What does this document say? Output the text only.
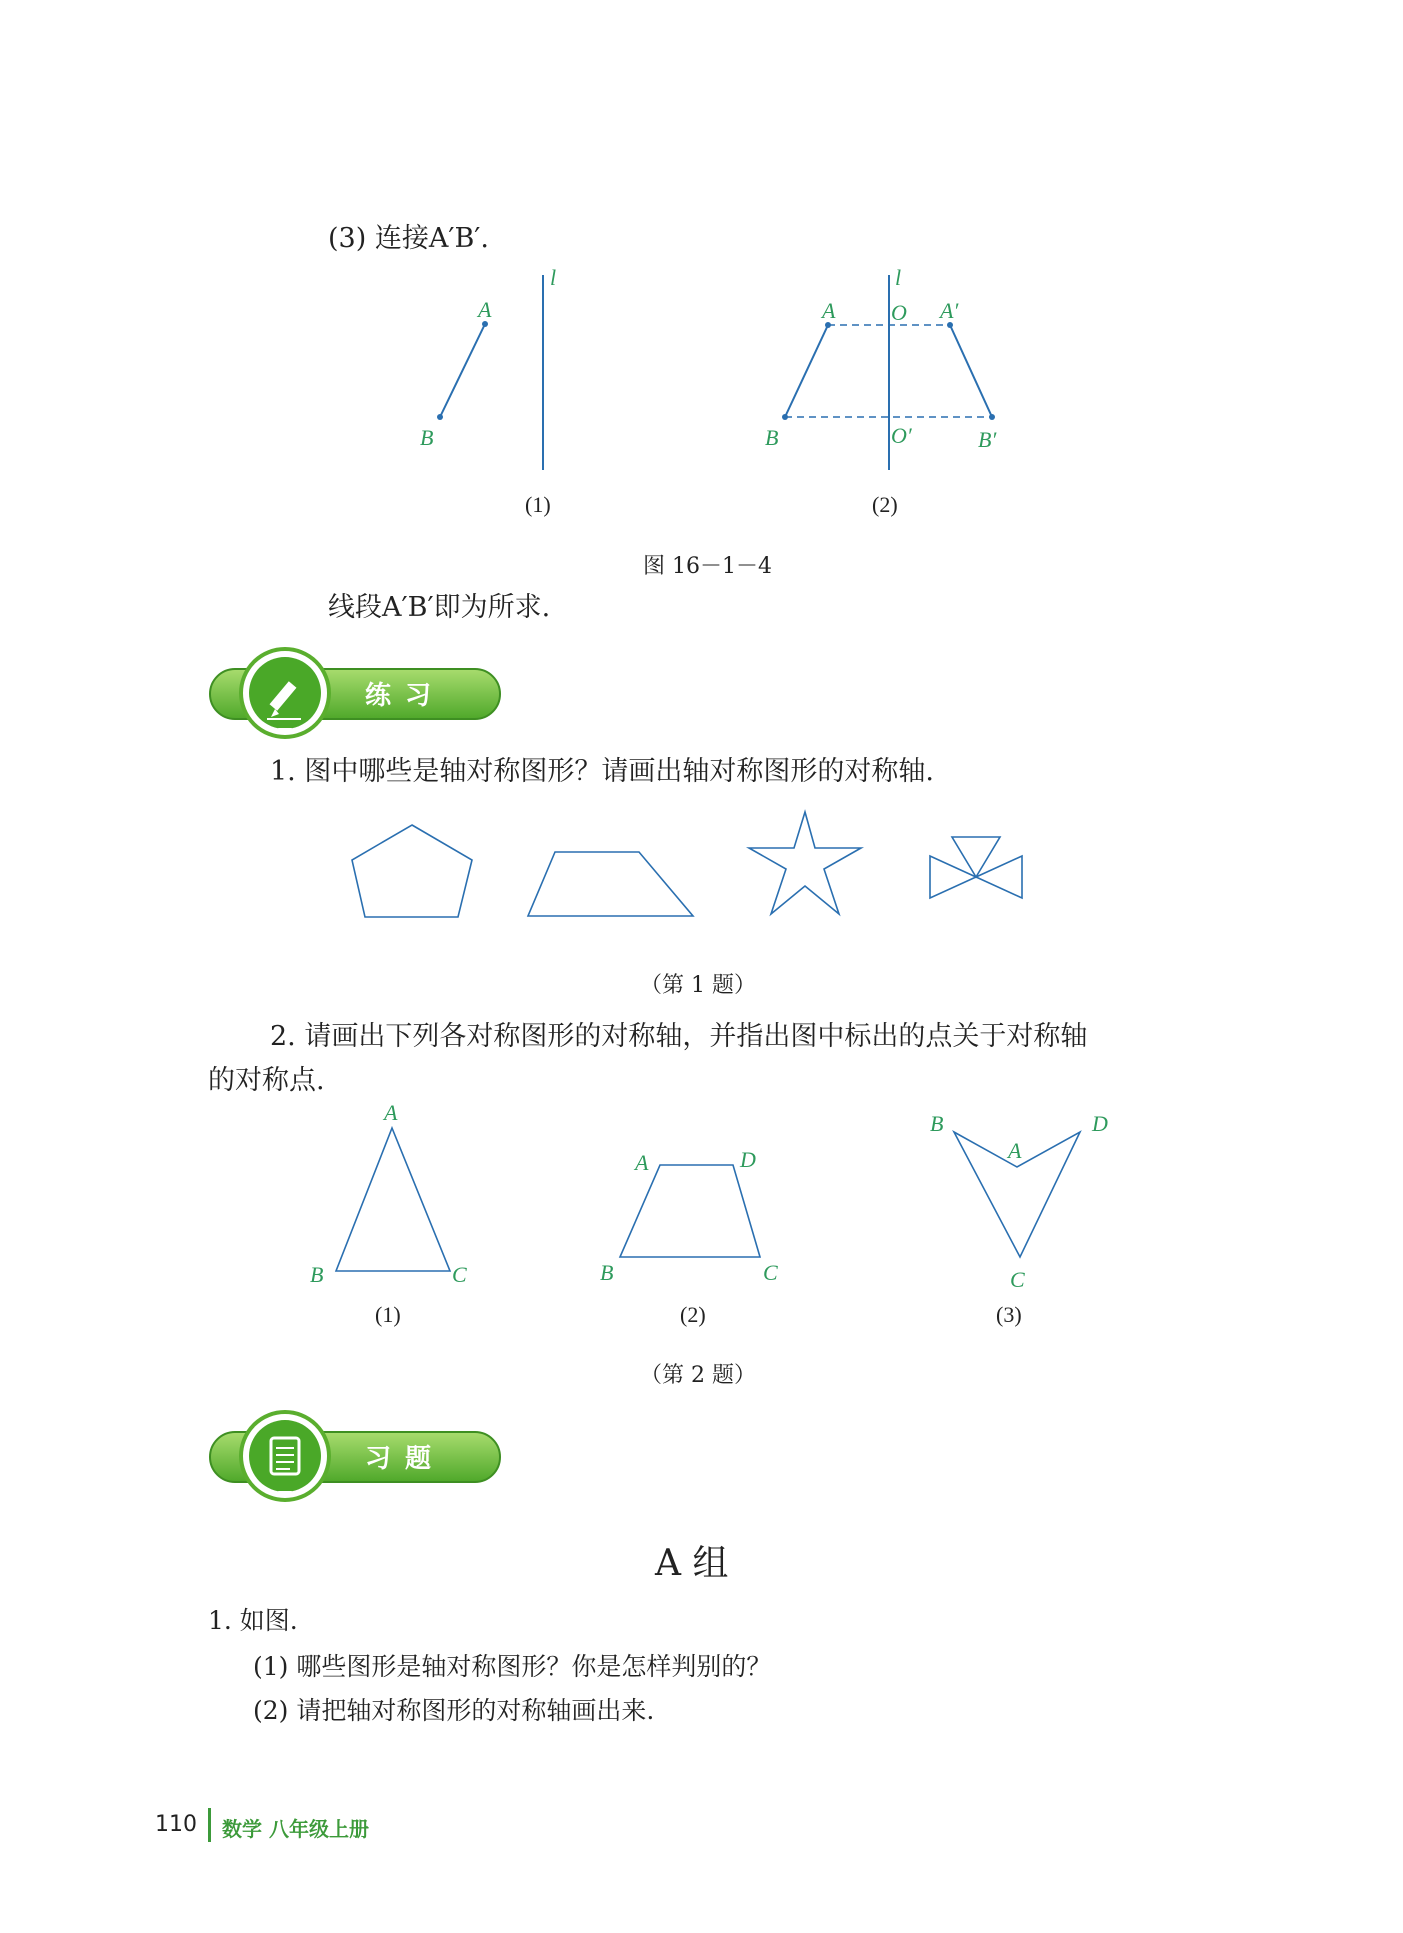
(3) 连接A′B′.
l
A
B
(1)
l
A	O A′
B	O′	B′
(2)
图 16－1－4
线段A′B′即为所求.
练习
1. 图中哪些是轴对称图形？请画出轴对称图形的对称轴.
（第 1 题）
2. 请画出下列各对称图形的对称轴，并指出图中标出的点关于对称轴
的对称点.
A
B	C
(1)
A	D
B	C
(2)
B
A
D
C
(3)
（第 2 题）
习题
A 组
1. 如图.
(1) 哪些图形是轴对称图形？你是怎样判别的？
(2) 请把轴对称图形的对称轴画出来.
110 数学 八年级上册
